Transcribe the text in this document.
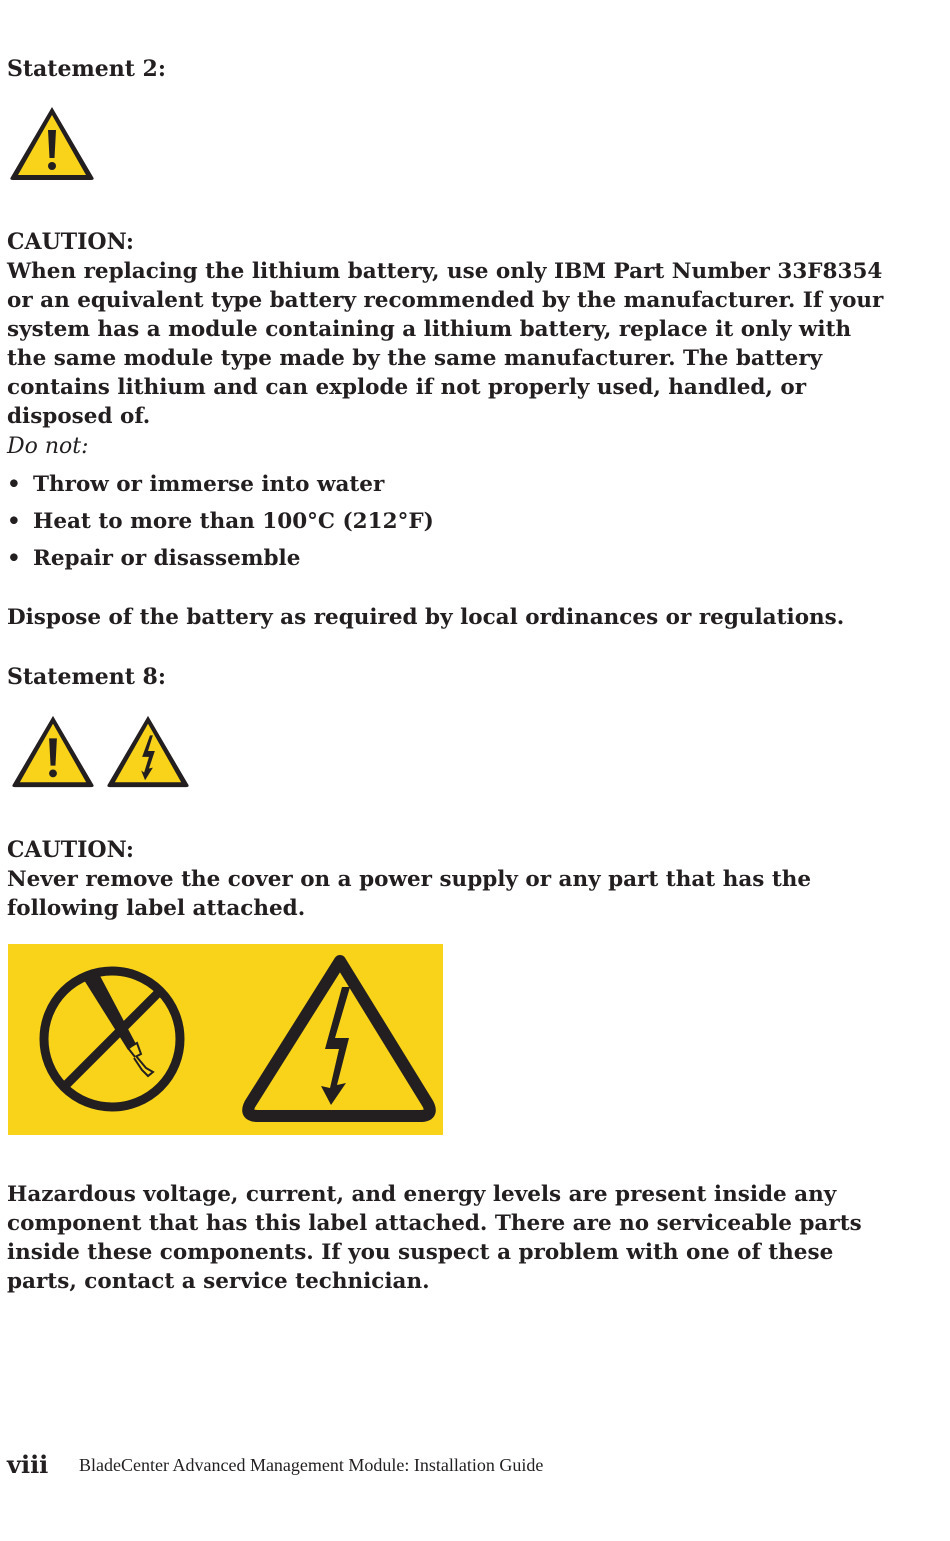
Statement 2:
CAUTION:
When replacing the lithium battery, use only IBM Part Number 33F8354 or an equivalent type battery recommended by the manufacturer. If your system has a module containing a lithium battery, replace it only with the same module type made by the same manufacturer. The battery contains lithium and can explode if not properly used, handled, or disposed of.
Do not:
• Throw or immerse into water
• Heat to more than 100°C (212°F)
• Repair or disassemble
Dispose of the battery as required by local ordinances or regulations.
Statement 8:
CAUTION:
Never remove the cover on a power supply or any part that has the following label attached.
Hazardous voltage, current, and energy levels are present inside any component that has this label attached. There are no serviceable parts inside these components. If you suspect a problem with one of these parts, contact a service technician.
viii BladeCenter Advanced Management Module: Installation Guide
